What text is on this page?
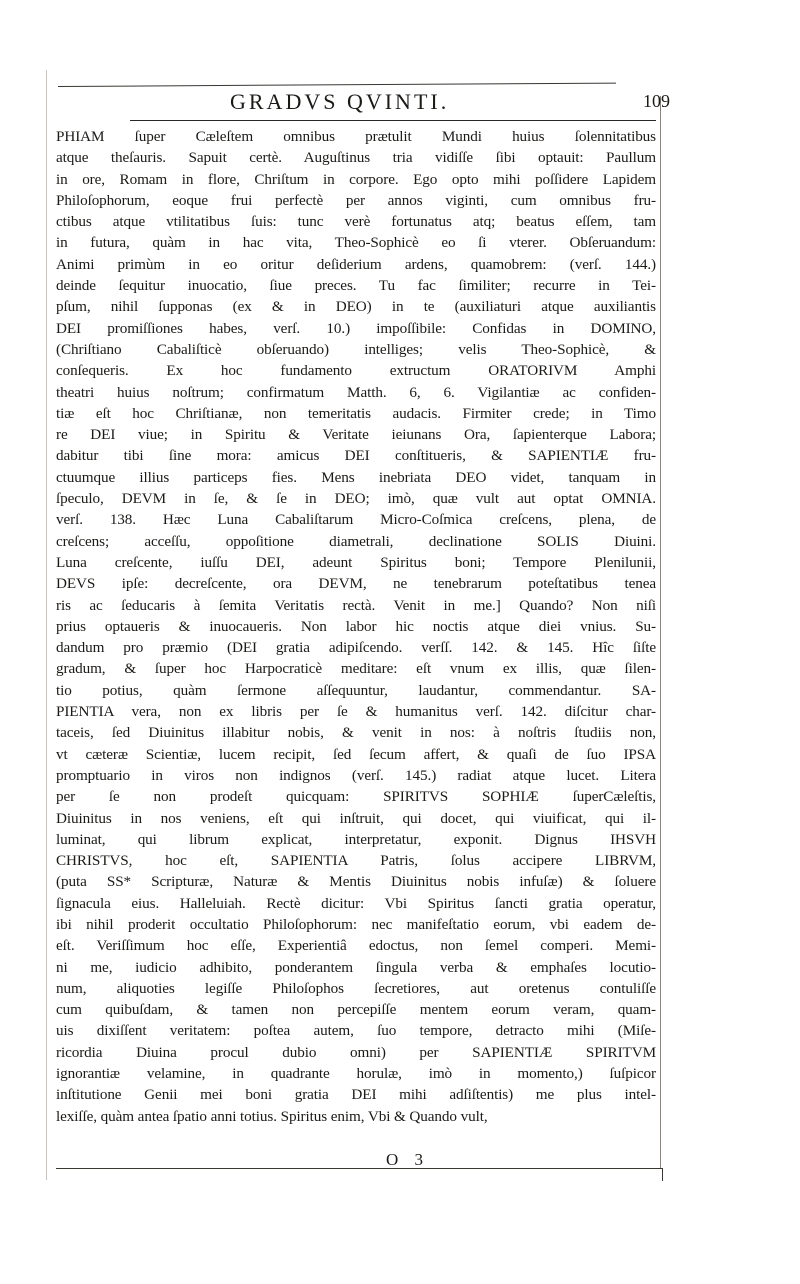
GRADVS QVINTI.	109
PHIAM ſuper Cæleſtem omnibus prætulit Mundi huius ſolennitatibus
atque theſauris. Sapuit certè. Auguſtinus tria vidiſſe ſibi optauit: Paullum
in ore, Romam in flore, Chriſtum in corpore. Ego opto mihi poſſidere Lapidem
Philoſophorum, eoque frui perfectè per annos viginti, cum omnibus fru-
ctibus atque vtilitatibus ſuis: tunc verè fortunatus atq; beatus eſſem, tam
in futura, quàm in hac vita, Theo-Sophicè eo ſi vterer. Obſeruandum:
Animi primùm in eo oritur deſiderium ardens, quamobrem: (verſ. 144.)
deinde ſequitur inuocatio, ſiue preces. Tu fac ſimiliter; recurre in Tei-
pſum, nihil ſupponas (ex & in DEO) in te (auxiliaturi atque auxiliantis
DEI promiſſiones habes, verſ. 10.) impoſſibile: Confidas in DOMINO,
(Chriſtiano Cabaliſticè obſeruando) intelliges; velis Theo-Sophicè, &
conſequeris. Ex hoc fundamento extructum ORATORIVM Amphi
theatri huius noſtrum; confirmatum Matth. 6, 6. Vigilantiæ ac confiden-
tiæ eſt hoc Chriſtianæ, non temeritatis audacis. Firmiter crede; in Timo
re DEI viue; in Spiritu & Veritate ieiunans Ora, ſapienterque Labora;
dabitur tibi ſine mora: amicus DEI conſtitueris, & SAPIENTIÆ fru-
ctuumque illius particeps fies. Mens inebriata DEO videt, tanquam in
ſpeculo, DEVM in ſe, & ſe in DEO; imò, quæ vult aut optat OMNIA.
verſ. 138. Hæc Luna Cabaliſtarum Micro-Coſmica creſcens, plena, de
creſcens; acceſſu, oppoſitione diametrali, declinatione SOLIS Diuini.
Luna creſcente, iuſſu DEI, adeunt Spiritus boni; Tempore Plenilunii,
DEVS ipſe: decreſcente, ora DEVM, ne tenebrarum poteſtatibus tenea
ris ac ſeducaris à ſemita Veritatis rectà. Venit in me.] Quando? Non niſi
prius optaueris & inuocaueris. Non labor hic noctis atque diei vnius. Su-
dandum pro præmio (DEI gratia adipiſcendo. verſſ. 142. & 145. Hîc ſiſte
gradum, & ſuper hoc Harpocraticè meditare: eſt vnum ex illis, quæ ſilen-
tio potius, quàm ſermone aſſequuntur, laudantur, commendantur. SA-
PIENTIA vera, non ex libris per ſe & humanitus verſ. 142. diſcitur char-
taceis, ſed Diuinitus illabitur nobis, & venit in nos: à noſtris ſtudiis non,
vt cæteræ Scientiæ, lucem recipit, ſed ſecum affert, & quaſi de ſuo IPSA
promptuario in viros non indignos (verſ. 145.) radiat atque lucet. Litera
per ſe non prodeſt quicquam: SPIRITVS SOPHIÆ ſuperCæleſtis,
Diuinitus in nos veniens, eſt qui inſtruit, qui docet, qui viuificat, qui il-
luminat, qui librum explicat, interpretatur, exponit. Dignus IHSVH
CHRISTVS, hoc eſt, SAPIENTIA Patris, ſolus accipere LIBRVM,
(puta SS* Scripturæ, Naturæ & Mentis Diuinitus nobis infuſæ) & ſoluere
ſignacula eius. Halleluiah. Rectè dicitur: Vbi Spiritus ſancti gratia operatur,
ibi nihil proderit occultatio Philoſophorum: nec manifeſtatio eorum, vbi eadem de-
eſt. Veriſſimum hoc eſſe, Experientiâ edoctus, non ſemel comperi. Memi-
ni me, iudicio adhibito, ponderantem ſingula verba & emphaſes locutio-
num, aliquoties legiſſe Philoſophos ſecretiores, aut oretenus contuliſſe
cum quibuſdam, & tamen non percepiſſe mentem eorum veram, quam-
uis dixiſſent veritatem: poſtea autem, ſuo tempore, detracto mihi (Miſe-
ricordia Diuina procul dubio omni) per SAPIENTIÆ SPIRITVM
ignorantiæ velamine, in quadrante horulæ, imò in momento,) ſuſpicor
inſtitutione Genii mei boni gratia DEI mihi adſiſtentis) me plus intel-
lexiſſe, quàm antea ſpatio anni totius. Spiritus enim, Vbi & Quando vult,
O 3
